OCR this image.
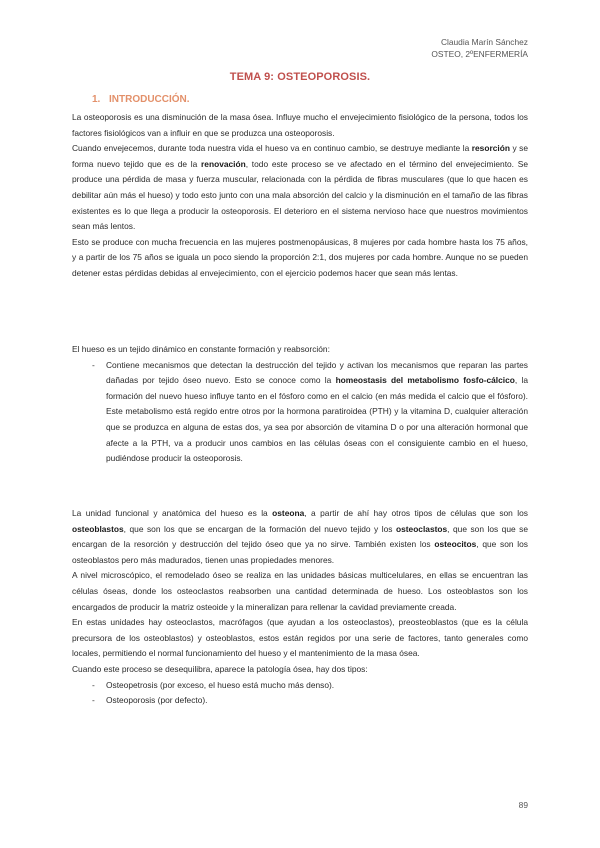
Claudia Marín Sánchez
OSTEO, 2ºENFERMERÍA
TEMA 9: OSTEOPOROSIS.
1. INTRODUCCIÓN.

La osteoporosis es una disminución de la masa ósea. Influye mucho el envejecimiento fisiológico de la persona, todos los factores fisiológicos van a influir en que se produzca una osteoporosis.

Cuando envejecemos, durante toda nuestra vida el hueso va en continuo cambio, se destruye mediante la resorción y se forma nuevo tejido que es de la renovación, todo este proceso se ve afectado en el término del envejecimiento. Se produce una pérdida de masa y fuerza muscular, relacionada con la pérdida de fibras musculares (que lo que hacen es debilitar aún más el hueso) y todo esto junto con una mala absorción del calcio y la disminución en el tamaño de las fibras existentes es lo que llega a producir la osteoporosis. El deterioro en el sistema nervioso hace que nuestros movimientos sean más lentos.

Esto se produce con mucha frecuencia en las mujeres postmenopáusicas, 8 mujeres por cada hombre hasta los 75 años, y a partir de los 75 años se iguala un poco siendo la proporción 2:1, dos mujeres por cada hombre. Aunque no se pueden detener estas pérdidas debidas al envejecimiento, con el ejercicio podemos hacer que sean más lentas.

El hueso es un tejido dinámico en constante formación y reabsorción:

- Contiene mecanismos que detectan la destrucción del tejido y activan los mecanismos que reparan las partes dañadas por tejido óseo nuevo. Esto se conoce como la homeostasis del metabolismo fosfo-cálcico, la formación del nuevo hueso influye tanto en el fósforo como en el calcio (en más medida el calcio que el fósforo). Este metabolismo está regido entre otros por la hormona paratiroidea (PTH) y la vitamina D, cualquier alteración que se produzca en alguna de estas dos, ya sea por absorción de vitamina D o por una alteración hormonal que afecte a la PTH, va a producir unos cambios en las células óseas con el consiguiente cambio en el hueso, pudiéndose producir la osteoporosis.

La unidad funcional y anatómica del hueso es la osteona, a partir de ahí hay otros tipos de células que son los osteoblastos, que son los que se encargan de la formación del nuevo tejido y los osteoclastos, que son los que se encargan de la resorción y destrucción del tejido óseo que ya no sirve. También existen los osteocitos, que son los osteoblastos pero más madurados, tienen unas propiedades menores.

A nivel microscópico, el remodelado óseo se realiza en las unidades básicas multicelulares, en ellas se encuentran las células óseas, donde los osteoclastos reabsorben una cantidad determinada de hueso. Los osteoblastos son los encargados de producir la matriz osteoide y la mineralizan para rellenar la cavidad previamente creada.

En estas unidades hay osteoclastos, macrófagos (que ayudan a los osteoclastos), preosteoblastos (que es la célula precursora de los osteoblastos) y osteoblastos, estos están regidos por una serie de factores, tanto generales como locales, permitiendo el normal funcionamiento del hueso y el mantenimiento de la masa ósea.

Cuando este proceso se desequilibra, aparece la patología ósea, hay dos tipos:

- Osteopetrosis (por exceso, el hueso está mucho más denso).
- Osteoporosis (por defecto).
89
